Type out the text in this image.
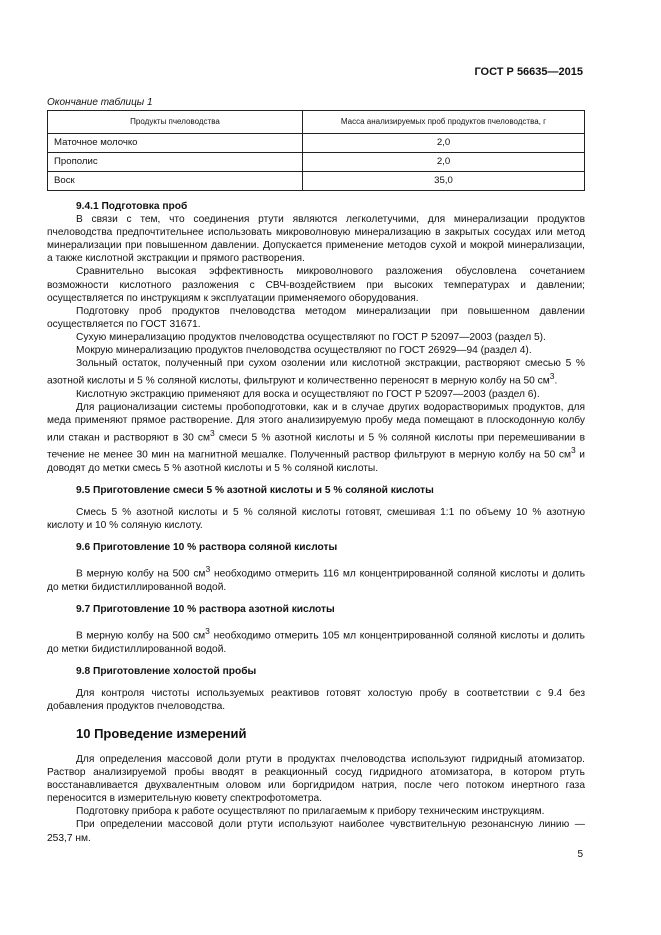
ГОСТ Р 56635—2015
Окончание таблицы 1
Продукты пчеловодства	Масса анализируемых проб продуктов пчеловодства, г
Маточное молочко	2,0
Прополис	2,0
Воск	35,0
9.4.1 Подготовка проб

В связи с тем, что соединения ртути являются легколетучими, для минерализации продуктов пчеловодства предпочтительнее использовать микроволновую минерализацию в закрытых сосудах или метод минерализации при повышенном давлении. Допускается применение методов сухой и мокрой минерализации, а также кислотной экстракции и прямого растворения.

Сравнительно высокая эффективность микроволнового разложения обусловлена сочетанием возможности кислотного разложения с СВЧ-воздействием при высоких температурах и давлении; осуществляется по инструкциям к эксплуатации применяемого оборудования.

Подготовку проб продуктов пчеловодства методом минерализации при повышенном давлении осуществляется по ГОСТ 31671.

Сухую минерализацию продуктов пчеловодства осуществляют по ГОСТ Р 52097—2003 (раздел 5).

Мокрую минерализацию продуктов пчеловодства осуществляют по ГОСТ 26929—94 (раздел 4).

Зольный остаток, полученный при сухом озолении или кислотной экстракции, растворяют смесью 5 % азотной кислоты и 5 % соляной кислоты, фильтруют и количественно переносят в мерную колбу на 50 $см^3$.

Кислотную экстракцию применяют для воска и осуществляют по ГОСТ Р 52097—2003 (раздел 6).

Для рационализации системы пробоподготовки, как и в случае других водорастворимых продуктов, для меда применяют прямое растворение. Для этого анализируемую пробу меда помещают в плоскодонную колбу или стакан и растворяют в 30 $см^3$ смеси 5 % азотной кислоты и 5 % соляной кислоты при перемешивании в течение не менее 30 мин на магнитной мешалке. Полученный раствор фильтруют в мерную колбу на 50 $см^3$ и доводят до метки смесь 5 % азотной кислоты и 5 % соляной кислоты.

9.5 Приготовление смеси 5 % азотной кислоты и 5 % соляной кислоты

Смесь 5 % азотной кислоты и 5 % соляной кислоты готовят, смешивая 1:1 по объему 10 % азотную кислоту и 10 % соляную кислоту.

9.6 Приготовление 10 % раствора соляной кислоты

В мерную колбу на 500 $см^3$ необходимо отмерить 116 мл концентрированной соляной кислоты и долить до метки бидистиллированной водой.

9.7 Приготовление 10 % раствора азотной кислоты

В мерную колбу на 500 $см^3$ необходимо отмерить 105 мл концентрированной соляной кислоты и долить до метки бидистиллированной водой.

9.8 Приготовление холостой пробы

Для контроля чистоты используемых реактивов готовят холостую пробу в соответствии с 9.4 без добавления продуктов пчеловодства.

10 Проведение измерений

Для определения массовой доли ртути в продуктах пчеловодства используют гидридный атомизатор. Раствор анализируемой пробы вводят в реакционный сосуд гидридного атомизатора, в котором ртуть восстанавливается двухвалентным оловом или боргидридом натрия, после чего потоком инертного газа переносится в измерительную кювету спектрофотометра.

Подготовку прибора к работе осуществляют по прилагаемым к прибору техническим инструкциям.

При определении массовой доли ртути используют наиболее чувствительную резонансную линию — 253,7 нм.

5
